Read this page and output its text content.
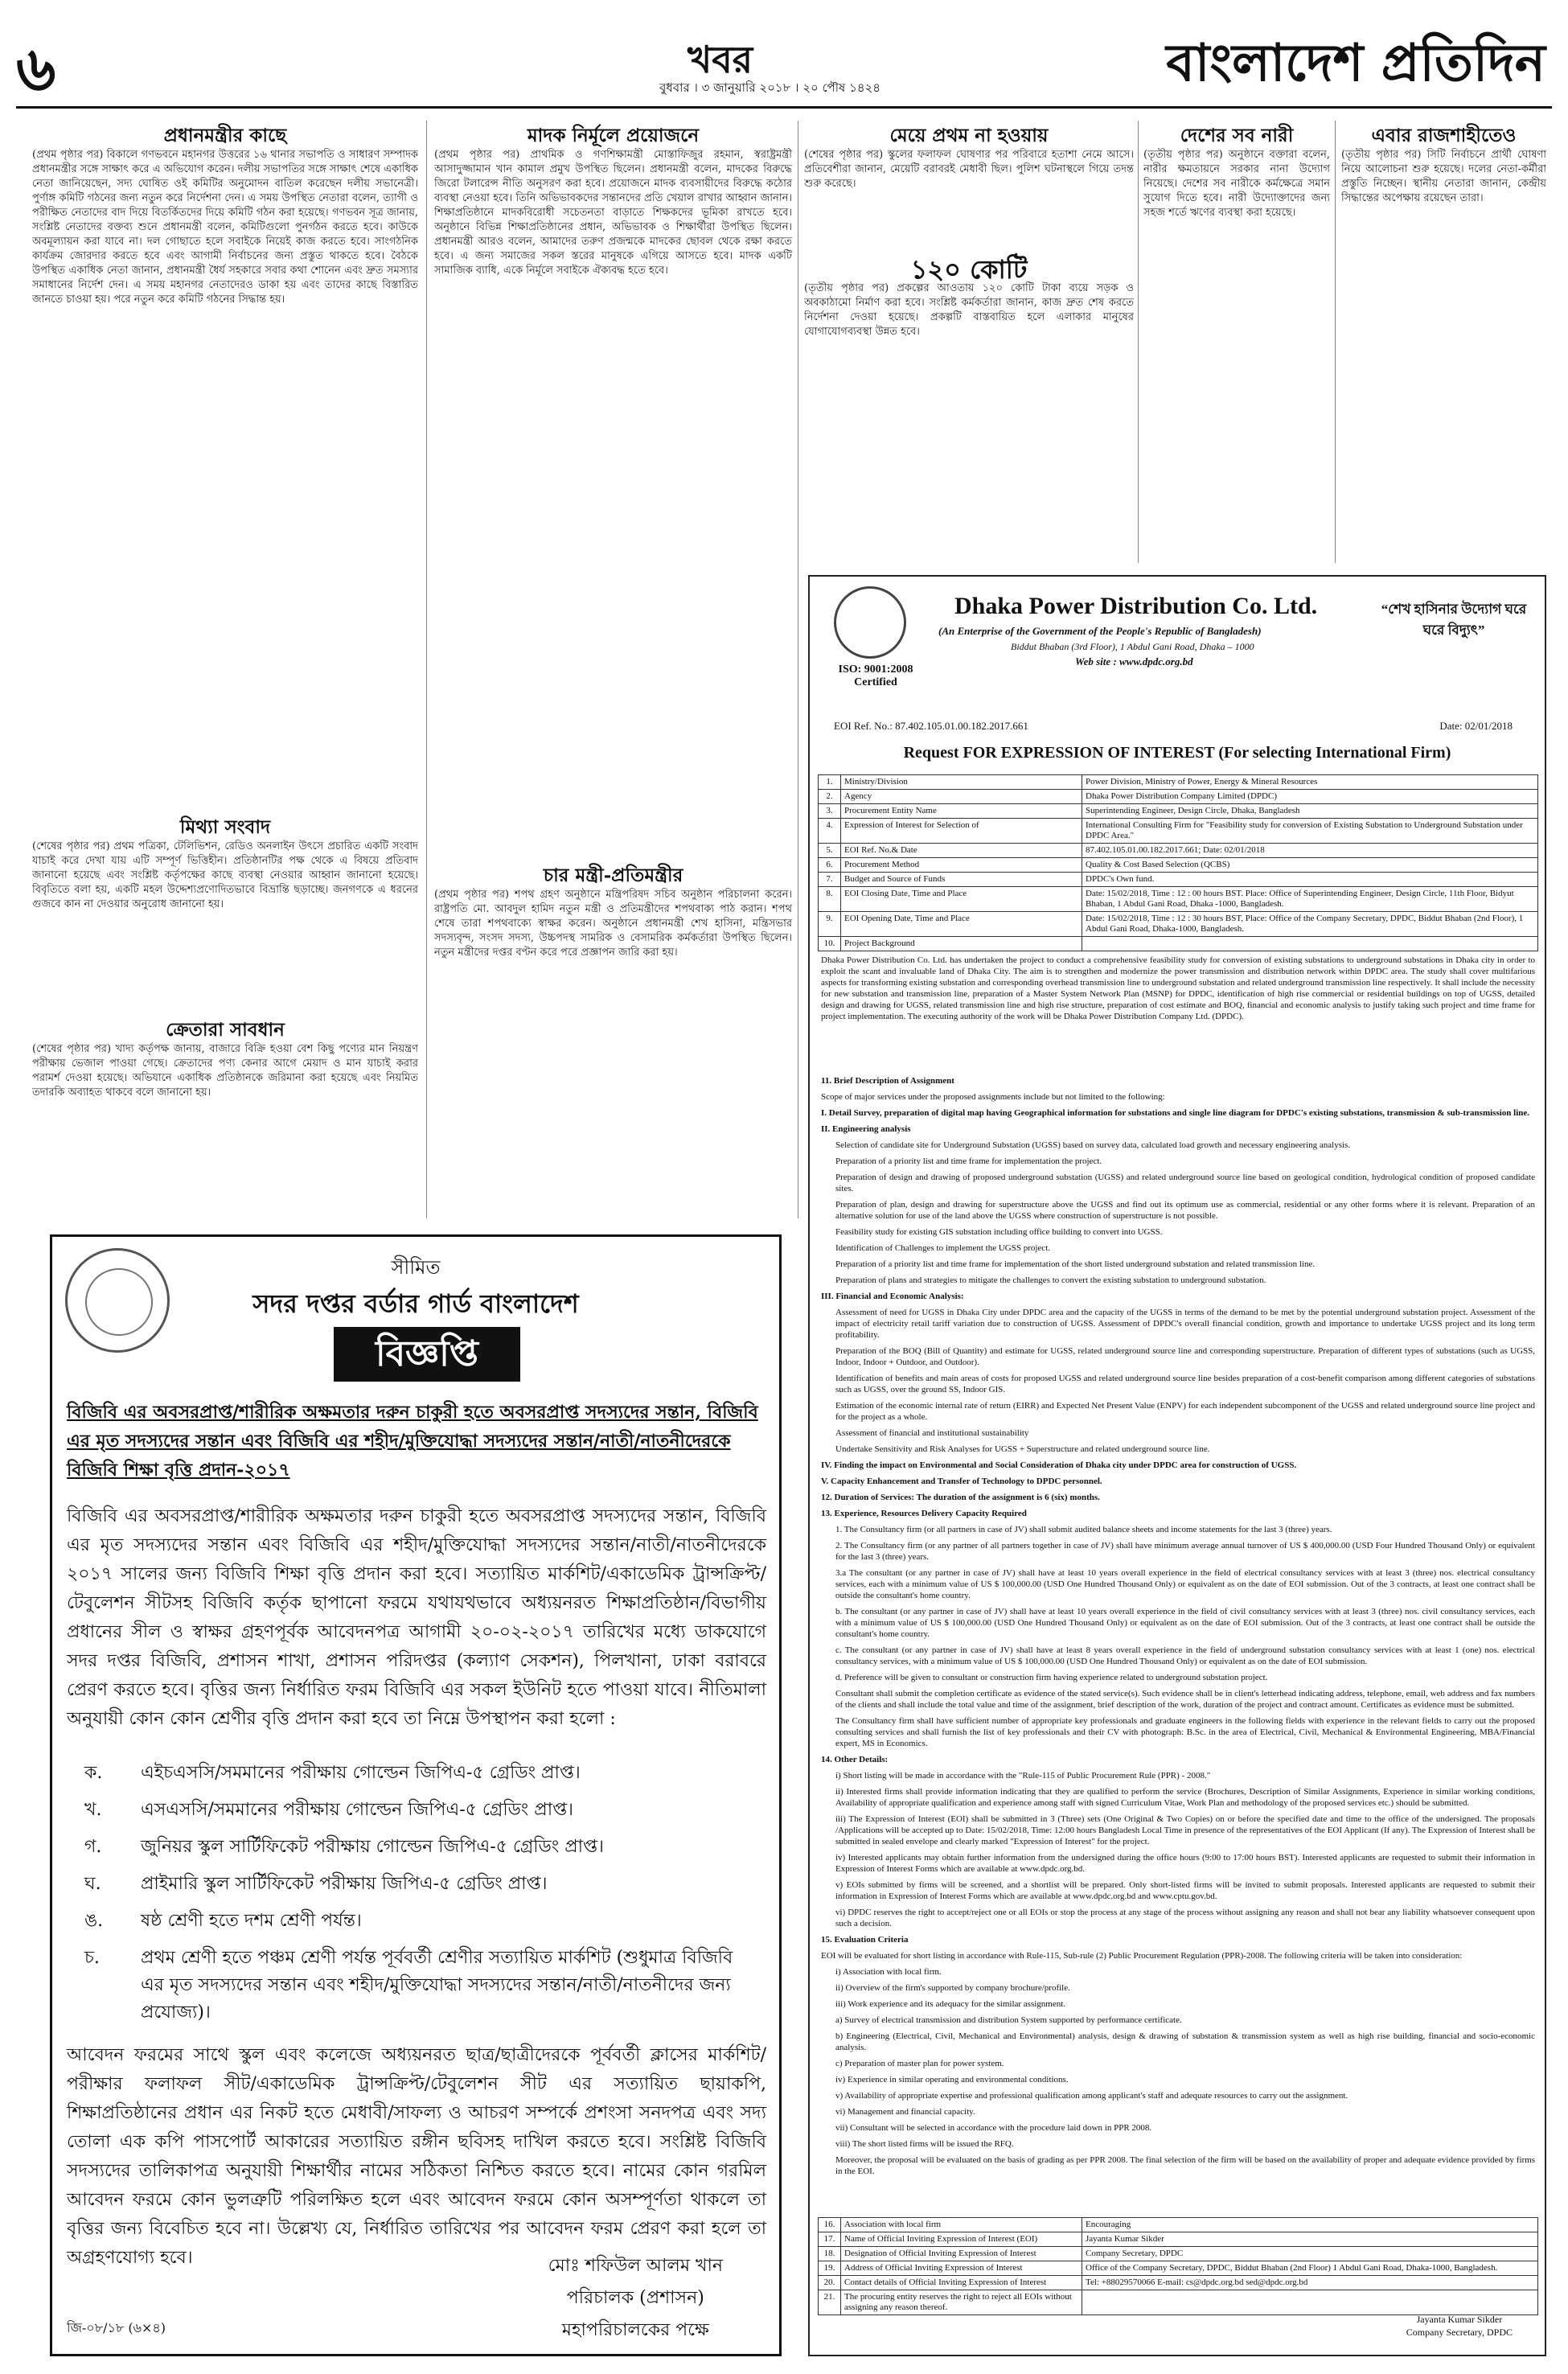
৬	খবর
বুধবার । ৩ জানুয়ারি ২০১৮ । ২০ পৌষ ১৪২৪	বাংলাদেশ প্রতিদিন
প্রধানমন্ত্রীর কাছে
(প্রথম পৃষ্ঠার পর) বিকালে গণভবনে মহানগর উত্তরের ১৬ থানার সভাপতি ও সাধারণ সম্পাদক প্রধানমন্ত্রীর সঙ্গে সাক্ষাৎ করে এ অভিযোগ করেন। দলীয় সভাপতির সঙ্গে সাক্ষাৎ শেষে একাধিক নেতা জানিয়েছেন, সদ্য ঘোষিত ওই কমিটির অনুমোদন বাতিল করেছেন দলীয় সভানেত্রী। পুর্ণাঙ্গ কমিটি গঠনের জন্য নতুন করে নির্দেশনা দেন। এ সময় উপস্থিত নেতারা বলেন, ত্যাগী ও পরীক্ষিত নেতাদের বাদ দিয়ে বিতর্কিতদের দিয়ে কমিটি গঠন করা হয়েছে। গণভবন সূত্র জানায়, সংশ্লিষ্ট নেতাদের বক্তব্য শুনে প্রধানমন্ত্রী বলেন, কমিটিগুলো পুনর্গঠন করতে হবে। কাউকে অবমূল্যায়ন করা যাবে না। দল গোছাতে হলে সবাইকে নিয়েই কাজ করতে হবে। সাংগঠনিক কার্যক্রম জোরদার করতে হবে এবং আগামী নির্বাচনের জন্য প্রস্তুত থাকতে হবে। বৈঠকে উপস্থিত একাধিক নেতা জানান, প্রধানমন্ত্রী ধৈর্য সহকারে সবার কথা শোনেন এবং দ্রুত সমস্যার সমাধানের নির্দেশ দেন। এ সময় মহানগর নেতাদেরও ডাকা হয় এবং তাদের কাছে বিস্তারিত জানতে চাওয়া হয়। পরে নতুন করে কমিটি গঠনের সিদ্ধান্ত হয়।
মিথ্যা সংবাদ
(শেষের পৃষ্ঠার পর) প্রথম পত্রিকা, টেলিভিশন, রেডিও অনলাইন উৎসে প্রচারিত একটি সংবাদ যাচাই করে দেখা যায় এটি সম্পূর্ণ ভিত্তিহীন। প্রতিষ্ঠানটির পক্ষ থেকে এ বিষয়ে প্রতিবাদ জানানো হয়েছে এবং সংশ্লিষ্ট কর্তৃপক্ষের কাছে ব্যবস্থা নেওয়ার আহ্বান জানানো হয়েছে। বিবৃতিতে বলা হয়, একটি মহল উদ্দেশ্যপ্রণোদিতভাবে বিভ্রান্তি ছড়াচ্ছে। জনগণকে এ ধরনের গুজবে কান না দেওয়ার অনুরোধ জানানো হয়।
ক্রেতারা সাবধান
(শেষের পৃষ্ঠার পর) খাদ্য কর্তৃপক্ষ জানায়, বাজারে বিক্রি হওয়া বেশ কিছু পণ্যের মান নিয়ন্ত্রণ পরীক্ষায় ভেজাল পাওয়া গেছে। ক্রেতাদের পণ্য কেনার আগে মেয়াদ ও মান যাচাই করার পরামর্শ দেওয়া হয়েছে। অভিযানে একাধিক প্রতিষ্ঠানকে জরিমানা করা হয়েছে এবং নিয়মিত তদারকি অব্যাহত থাকবে বলে জানানো হয়।
মাদক নির্মূলে প্রয়োজনে
(প্রথম পৃষ্ঠার পর) প্রাথমিক ও গণশিক্ষামন্ত্রী মোস্তাফিজুর রহমান, স্বরাষ্ট্রমন্ত্রী আসাদুজ্জামান খান কামাল প্রমুখ উপস্থিত ছিলেন। প্রধানমন্ত্রী বলেন, মাদকের বিরুদ্ধে জিরো টলারেন্স নীতি অনুসরণ করা হবে। প্রয়োজনে মাদক ব্যবসায়ীদের বিরুদ্ধে কঠোর ব্যবস্থা নেওয়া হবে। তিনি অভিভাবকদের সন্তানদের প্রতি খেয়াল রাখার আহ্বান জানান। শিক্ষাপ্রতিষ্ঠানে মাদকবিরোধী সচেতনতা বাড়াতে শিক্ষকদের ভূমিকা রাখতে হবে। অনুষ্ঠানে বিভিন্ন শিক্ষাপ্রতিষ্ঠানের প্রধান, অভিভাবক ও শিক্ষার্থীরা উপস্থিত ছিলেন। প্রধানমন্ত্রী আরও বলেন, আমাদের তরুণ প্রজন্মকে মাদকের ছোবল থেকে রক্ষা করতে হবে। এ জন্য সমাজের সকল স্তরের মানুষকে এগিয়ে আসতে হবে। মাদক একটি সামাজিক ব্যাধি, একে নির্মূলে সবাইকে ঐক্যবদ্ধ হতে হবে।
চার মন্ত্রী-প্রতিমন্ত্রীর
(প্রথম পৃষ্ঠার পর) শপথ গ্রহণ অনুষ্ঠানে মন্ত্রিপরিষদ সচিব অনুষ্ঠান পরিচালনা করেন। রাষ্ট্রপতি মো. আবদুল হামিদ নতুন মন্ত্রী ও প্রতিমন্ত্রীদের শপথবাক্য পাঠ করান। শপথ শেষে তারা শপথবাক্যে স্বাক্ষর করেন। অনুষ্ঠানে প্রধানমন্ত্রী শেখ হাসিনা, মন্ত্রিসভার সদস্যবৃন্দ, সংসদ সদস্য, উচ্চপদস্থ সামরিক ও বেসামরিক কর্মকর্তারা উপস্থিত ছিলেন। নতুন মন্ত্রীদের দপ্তর বণ্টন করে পরে প্রজ্ঞাপন জারি করা হয়।
মেয়ে প্রথম না হওয়ায়
(শেষের পৃষ্ঠার পর) স্কুলের ফলাফল ঘোষণার পর পরিবারে হতাশা নেমে আসে। প্রতিবেশীরা জানান, মেয়েটি বরাবরই মেধাবী ছিল। পুলিশ ঘটনাস্থলে গিয়ে তদন্ত শুরু করেছে।
১২০ কোটি
(তৃতীয় পৃষ্ঠার পর) প্রকল্পের আওতায় ১২০ কোটি টাকা ব্যয়ে সড়ক ও অবকাঠামো নির্মাণ করা হবে। সংশ্লিষ্ট কর্মকর্তারা জানান, কাজ দ্রুত শেষ করতে নির্দেশনা দেওয়া হয়েছে। প্রকল্পটি বাস্তবায়িত হলে এলাকার মানুষের যোগাযোগব্যবস্থা উন্নত হবে।
দেশের সব নারী
(তৃতীয় পৃষ্ঠার পর) অনুষ্ঠানে বক্তারা বলেন, নারীর ক্ষমতায়নে সরকার নানা উদ্যোগ নিয়েছে। দেশের সব নারীকে কর্মক্ষেত্রে সমান সুযোগ দিতে হবে। নারী উদ্যোক্তাদের জন্য সহজ শর্তে ঋণের ব্যবস্থা করা হয়েছে।
এবার রাজশাহীতেও
(তৃতীয় পৃষ্ঠার পর) সিটি নির্বাচনে প্রার্থী ঘোষণা নিয়ে আলোচনা শুরু হয়েছে। দলের নেতা-কর্মীরা প্রস্তুতি নিচ্ছেন। স্থানীয় নেতারা জানান, কেন্দ্রীয় সিদ্ধান্তের অপেক্ষায় রয়েছেন তারা।
সীমিত
সদর দপ্তর বর্ডার গার্ড বাংলাদেশ
বিজ্ঞপ্তি
বিজিবি এর অবসরপ্রাপ্ত/শারীরিক অক্ষমতার দরুন চাকুরী হতে অবসরপ্রাপ্ত সদস্যদের সন্তান, বিজিবি এর মৃত সদস্যদের সন্তান এবং বিজিবি এর শহীদ/মুক্তিযোদ্ধা সদস্যদের সন্তান/নাতী/নাতনীদেরকে বিজিবি শিক্ষা বৃত্তি প্রদান-২০১৭
বিজিবি এর অবসরপ্রাপ্ত/শারীরিক অক্ষমতার দরুন চাকুরী হতে অবসরপ্রাপ্ত সদস্যদের সন্তান, বিজিবি এর মৃত সদস্যদের সন্তান এবং বিজিবি এর শহীদ/মুক্তিযোদ্ধা সদস্যদের সন্তান/নাতী/নাতনীদেরকে ২০১৭ সালের জন্য বিজিবি শিক্ষা বৃত্তি প্রদান করা হবে। সত্যায়িত মার্কশিট/একাডেমিক ট্রান্সক্রিপ্ট/টেবুলেশন সীটসহ বিজিবি কর্তৃক ছাপানো ফরমে যথাযথভাবে অধ্যয়নরত শিক্ষাপ্রতিষ্ঠান/বিভাগীয় প্রধানের সীল ও স্বাক্ষর গ্রহণপূর্বক আবেদনপত্র আগামী ২০-০২-২০১৭ তারিখের মধ্যে ডাকযোগে সদর দপ্তর বিজিবি, প্রশাসন শাখা, প্রশাসন পরিদপ্তর (কল্যাণ সেকশন), পিলখানা, ঢাকা বরাবরে প্রেরণ করতে হবে। বৃত্তির জন্য নির্ধারিত ফরম বিজিবি এর সকল ইউনিট হতে পাওয়া যাবে। নীতিমালা অনুযায়ী কোন কোন শ্রেণীর বৃত্তি প্রদান করা হবে তা নিম্নে উপস্থাপন করা হলো :
ক.	এইচএসসি/সমমানের পরীক্ষায় গোল্ডেন জিপিএ-৫ গ্রেডিং প্রাপ্ত।
খ.	এসএসসি/সমমানের পরীক্ষায় গোল্ডেন জিপিএ-৫ গ্রেডিং প্রাপ্ত।
গ.	জুনিয়র স্কুল সার্টিফিকেট পরীক্ষায় গোল্ডেন জিপিএ-৫ গ্রেডিং প্রাপ্ত।
ঘ.	প্রাইমারি স্কুল সার্টিফিকেট পরীক্ষায় জিপিএ-৫ গ্রেডিং প্রাপ্ত।
ঙ.	ষষ্ঠ শ্রেণী হতে দশম শ্রেণী পর্যন্ত।
চ.	প্রথম শ্রেণী হতে পঞ্চম শ্রেণী পর্যন্ত পূর্ববর্তী শ্রেণীর সত্যায়িত মার্কশিট (শুধুমাত্র বিজিবি এর মৃত সদস্যদের সন্তান এবং শহীদ/মুক্তিযোদ্ধা সদস্যদের সন্তান/নাতী/নাতনীদের জন্য প্রযোজ্য)।
আবেদন ফরমের সাথে স্কুল এবং কলেজে অধ্যয়নরত ছাত্র/ছাত্রীদেরকে পূর্ববর্তী ক্লাসের মার্কশিট/পরীক্ষার ফলাফল সীট/একাডেমিক ট্রান্সক্রিপ্ট/টেবুলেশন সীট এর সত্যায়িত ছায়াকপি, শিক্ষাপ্রতিষ্ঠানের প্রধান এর নিকট হতে মেধাবী/সাফল্য ও আচরণ সম্পর্কে প্রশংসা সনদপত্র এবং সদ্য তোলা এক কপি পাসপোর্ট আকারের সত্যায়িত রঙ্গীন ছবিসহ দাখিল করতে হবে। সংশ্লিষ্ট বিজিবি সদস্যদের তালিকাপত্র অনুযায়ী শিক্ষার্থীর নামের সঠিকতা নিশ্চিত করতে হবে। নামের কোন গরমিল আবেদন ফরমে কোন ভুলত্রুটি পরিলক্ষিত হলে এবং আবেদন ফরমে কোন অসম্পূর্ণতা থাকলে তা বৃত্তির জন্য বিবেচিত হবে না। উল্লেখ্য যে, নির্ধারিত তারিখের পর আবেদন ফরম প্রেরণ করা হলে তা অগ্রহণযোগ্য হবে।	মোঃ শফিউল আলম খান
পরিচালক (প্রশাসন)
মহাপরিচালকের পক্ষে
জি-০৮/১৮ (৬×৪)
ISO: 9001:2008 Certified
Dhaka Power Distribution Co. Ltd.
(An Enterprise of the Government of the People's Republic of Bangladesh)
Biddut Bhaban (3rd Floor), 1 Abdul Gani Road, Dhaka – 1000
Web site : www.dpdc.org.bd
“শেখ হাসিনার উদ্যোগ ঘরে ঘরে বিদ্যুৎ”
EOI Ref. No.: 87.402.105.01.00.182.2017.661	Date: 02/01/2018
Request FOR EXPRESSION OF INTEREST (For selecting International Firm)
1.	Ministry/Division	Power Division, Ministry of Power, Energy & Mineral Resources
2.	Agency	Dhaka Power Distribution Company Limited (DPDC)
3.	Procurement Entity Name	Superintending Engineer, Design Circle, Dhaka, Bangladesh
4.	Expression of Interest for Selection of	International Consulting Firm for "Feasibility study for conversion of Existing Substation to Underground Substation under DPDC Area."
5.	EOI Ref. No.& Date	87.402.105.01.00.182.2017.661; Date: 02/01/2018
6.	Procurement Method	Quality & Cost Based Selection (QCBS)
7.	Budget and Source of Funds	DPDC's Own fund.
8.	EOI Closing Date, Time and Place	Date: 15/02/2018, Time : 12 : 00 hours BST. Place: Office of Superintending Engineer, Design Circle, 11th Floor, Bidyut Bhaban, 1 Abdul Gani Road, Dhaka -1000, Bangladesh.
9.	EOI Opening Date, Time and Place	Date: 15/02/2018, Time : 12 : 30 hours BST, Place: Office of the Company Secretary, DPDC, Biddut Bhaban (2nd Floor), 1 Abdul Gani Road, Dhaka-1000, Bangladesh.
10.	Project Background	
Dhaka Power Distribution Co. Ltd. has undertaken the project to conduct a comprehensive feasibility study for conversion of existing substations to underground substations in Dhaka city in order to exploit the scant and invaluable land of Dhaka City. The aim is to strengthen and modernize the power transmission and distribution network within DPDC area. The study shall cover multifarious aspects for transforming existing substation and corresponding overhead transmission line to underground substation and related underground transmission line respectively. It shall include the necessity for new substation and transmission line, preparation of a Master System Network Plan (MSNP) for DPDC, identification of high rise commercial or residential buildings on top of UGSS, detailed design and drawing for UGSS, related transmission line and high rise structure, preparation of cost estimate and BOQ, financial and economic analysis to justify taking such project and time frame for project implementation. The executing authority of the work will be Dhaka Power Distribution Company Ltd. (DPDC).

11. Brief Description of Assignment

Scope of major services under the proposed assignments include but not limited to the following:

I. Detail Survey, preparation of digital map having Geographical information for substations and single line diagram for DPDC's existing substations, transmission & sub-transmission line.

II. Engineering analysis

Selection of candidate site for Underground Substation (UGSS) based on survey data, calculated load growth and necessary engineering analysis.

Preparation of a priority list and time frame for implementation the project.

Preparation of design and drawing of proposed underground substation (UGSS) and related underground source line based on geological condition, hydrological condition of proposed candidate sites.

Preparation of plan, design and drawing for superstructure above the UGSS and find out its optimum use as commercial, residential or any other forms where it is relevant. Preparation of an alternative solution for use of the land above the UGSS where construction of superstructure is not possible.

Feasibility study for existing GIS substation including office building to convert into UGSS.

Identification of Challenges to implement the UGSS project.

Preparation of a priority list and time frame for implementation of the short listed underground substation and related transmission line.

Preparation of plans and strategies to mitigate the challenges to convert the existing substation to underground substation.

III. Financial and Economic Analysis:

Assessment of need for UGSS in Dhaka City under DPDC area and the capacity of the UGSS in terms of the demand to be met by the potential underground substation project. Assessment of the impact of electricity retail tariff variation due to construction of UGSS. Assessment of DPDC's overall financial condition, growth and importance to undertake UGSS project and its long term profitability.

Preparation of the BOQ (Bill of Quantity) and estimate for UGSS, related underground source line and corresponding superstructure. Preparation of different types of substations (such as UGSS, Indoor, Indoor + Outdoor, and Outdoor).

Identification of benefits and main areas of costs for proposed UGSS and related underground source line besides preparation of a cost-benefit comparison among different categories of substations such as UGSS, over the ground SS, Indoor GIS.

Estimation of the economic internal rate of return (EIRR) and Expected Net Present Value (ENPV) for each independent subcomponent of the UGSS and related underground source line project and for the project as a whole.

Assessment of financial and institutional sustainability

Undertake Sensitivity and Risk Analyses for UGSS + Superstructure and related underground source line.

IV. Finding the impact on Environmental and Social Consideration of Dhaka city under DPDC area for construction of UGSS.

V. Capacity Enhancement and Transfer of Technology to DPDC personnel.

12. Duration of Services: The duration of the assignment is 6 (six) months.

13. Experience, Resources Delivery Capacity Required

1. The Consultancy firm (or all partners in case of JV) shall submit audited balance sheets and income statements for the last 3 (three) years.

2. The Consultancy firm (or any partner of all partners together in case of JV) shall have minimum average annual turnover of US $ 400,000.00 (USD Four Hundred Thousand Only) or equivalent for the last 3 (three) years.

3.a The consultant (or any partner in case of JV) shall have at least 10 years overall experience in the field of electrical consultancy services with at least 3 (three) nos. electrical consultancy services, each with a minimum value of US $ 100,000.00 (USD One Hundred Thousand Only) or equivalent as on the date of EOI submission. Out of the 3 contracts, at least one contract shall be outside the consultant's home country.

b. The consultant (or any partner in case of JV) shall have at least 10 years overall experience in the field of civil consultancy services with at least 3 (three) nos. civil consultancy services, each with a minimum value of US $ 100,000.00 (USD One Hundred Thousand Only) or equivalent as on the date of EOI submission. Out of the 3 contracts, at least one contract shall be outside the consultant's home country.

c. The consultant (or any partner in case of JV) shall have at least 8 years overall experience in the field of underground substation consultancy services with at least 1 (one) nos. electrical consultancy services, with a minimum value of US $ 100,000.00 (USD One Hundred Thousand Only) or equivalent as on the date of EOI submission.

d. Preference will be given to consultant or construction firm having experience related to underground substation project.

Consultant shall submit the completion certificate as evidence of the stated service(s). Such evidence shall be in client's letterhead indicating address, telephone, email, web address and fax numbers of the clients and shall include the total value and time of the assignment, brief description of the work, duration of the project and contract amount. Certificates as evidence must be submitted.

The Consultancy firm shall have sufficient number of appropriate key professionals and graduate engineers in the following fields with experience in the relevant fields to carry out the proposed consulting services and shall furnish the list of key professionals and their CV with photograph: B.Sc. in the area of Electrical, Civil, Mechanical & Environmental Engineering, MBA/Financial expert, MS in Economics.

14. Other Details:

i) Short listing will be made in accordance with the "Rule-115 of Public Procurement Rule (PPR) - 2008."

ii) Interested firms shall provide information indicating that they are qualified to perform the service (Brochures, Description of Similar Assignments, Experience in similar working conditions, Availability of appropriate qualification and experience among staff with signed Curriculum Vitae, Work Plan and methodology of the proposed services etc.) should be submitted.

iii) The Expression of Interest (EOI) shall be submitted in 3 (Three) sets (One Original & Two Copies) on or before the specified date and time to the office of the undersigned. The proposals /Applications will be accepted up to Date: 15/02/2018, Time: 12:00 hours Bangladesh Local Time in presence of the representatives of the EOI Applicant (If any). The Expression of Interest shall be submitted in sealed envelope and clearly marked "Expression of Interest" for the project.

iv) Interested applicants may obtain further information from the undersigned during the office hours (9:00 to 17:00 hours BST). Interested applicants are requested to submit their information in Expression of Interest Forms which are available at www.dpdc.org.bd.

v) EOIs submitted by firms will be screened, and a shortlist will be prepared. Only short-listed firms will be invited to submit proposals. Interested applicants are requested to submit their information in Expression of Interest Forms which are available at www.dpdc.org.bd and www.cptu.gov.bd.

vi) DPDC reserves the right to accept/reject one or all EOIs or stop the process at any stage of the process without assigning any reason and shall not bear any liability whatsoever consequent upon such a decision.

15. Evaluation Criteria

EOI will be evaluated for short listing in accordance with Rule-115, Sub-rule (2) Public Procurement Regulation (PPR)-2008. The following criteria will be taken into consideration:

i) Association with local firm.

ii) Overview of the firm's supported by company brochure/profile.

iii) Work experience and its adequacy for the similar assignment.

a) Survey of electrical transmission and distribution System supported by performance certificate.

b) Engineering (Electrical, Civil, Mechanical and Environmental) analysis, design & drawing of substation & transmission system as well as high rise building, financial and socio-economic analysis.

c) Preparation of master plan for power system.

iv) Experience in similar operating and environmental conditions.

v) Availability of appropriate expertise and professional qualification among applicant's staff and adequate resources to carry out the assignment.

vi) Management and financial capacity.

vii) Consultant will be selected in accordance with the procedure laid down in PPR 2008.

viii) The short listed firms will be issued the RFQ.

Moreover, the proposal will be evaluated on the basis of grading as per PPR 2008. The final selection of the firm will be based on the availability of proper and adequate evidence provided by firms in the EOI.

16.	Association with local firm	Encouraging
17.	Name of Official Inviting Expression of Interest (EOI)	Jayanta Kumar Sikder
18.	Designation of Official Inviting Expression of Interest	Company Secretary, DPDC
19.	Address of Official Inviting Expression of Interest	Office of the Company Secretary, DPDC, Biddut Bhaban (2nd Floor) 1 Abdul Gani Road, Dhaka-1000, Bangladesh.
20.	Contact details of Official Inviting Expression of Interest	Tel: +88029570066 E-mail: cs@dpdc.org.bd sed@dpdc.org.bd
21.	The procuring entity reserves the right to reject all EOIs without assigning any reason thereof.	
Jayanta Kumar Sikder
Company Secretary, DPDC
